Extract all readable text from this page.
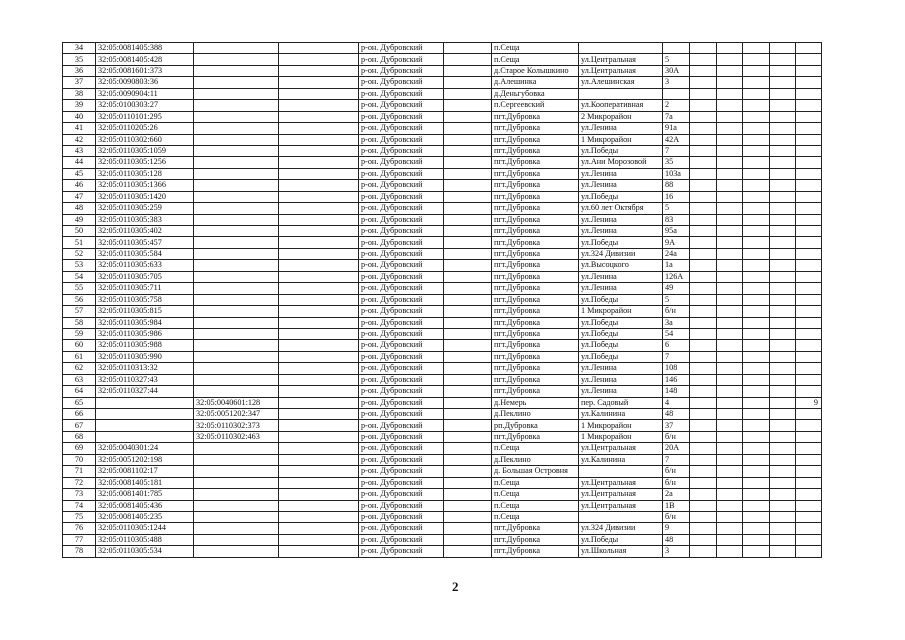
34	32:05:0081405:388			р-он. Дубровский		п.Сеща							
35	32:05:0081405:428			р-он. Дубровский		п.Сеща	ул.Центральная	5					
36	32:05:0081601:373			р-он. Дубровский		д.Старое Колышкино	ул.Центральная	30А					
37	32:05:0090803:36			р-он. Дубровский		д.Алешинка	ул.Алешинская	3					
38	32:05:0090904:11			р-он. Дубровский		д.Деньгубовка							
39	32:05:0100303:27			р-он. Дубровский		п.Сергеевский	ул.Кооперативная	2					
40	32:05:0110101:295			р-он. Дубровский		пгт.Дубровка	2 Микрорайон	7а					
41	32:05:0110205:26			р-он. Дубровский		пгт.Дубровка	ул.Ленина	91а					
42	32:05:0110302:660			р-он. Дубровский		пгт.Дубровка	1 Микрорайон	42А					
43	32:05:0110305:1059			р-он. Дубровский		пгт.Дубровка	ул.Победы	7					
44	32:05:0110305:1256			р-он. Дубровский		пгт.Дубровка	ул.Ани Морозовой	35					
45	32:05:0110305:128			р-он. Дубровский		пгт.Дубровка	ул.Ленина	103а					
46	32:05:0110305:1366			р-он. Дубровский		пгт.Дубровка	ул.Ленина	88					
47	32:05:0110305:1420			р-он. Дубровский		пгт.Дубровка	ул.Победы	16					
48	32:05:0110305:259			р-он. Дубровский		пгт.Дубровка	ул.60 лет Октября	5					
49	32:05:0110305:383			р-он. Дубровский		пгт.Дубровка	ул.Ленина	83					
50	32:05:0110305:402			р-он. Дубровский		пгт.Дубровка	ул.Ленина	95а					
51	32:05:0110305:457			р-он. Дубровский		пгт.Дубровка	ул.Победы	9А					
52	32:05:0110305:584			р-он. Дубровский		пгт.Дубровка	ул.324 Дивизии	24а					
53	32:05:0110305:633			р-он. Дубровский		пгт.Дубровка	ул.Высоцкого	1а					
54	32:05:0110305:705			р-он. Дубровский		пгт.Дубровка	ул.Ленина	126А					
55	32:05:0110305:711			р-он. Дубровский		пгт.Дубровка	ул.Ленина	49					
56	32:05:0110305:758			р-он. Дубровский		пгт.Дубровка	ул.Победы	5					
57	32:05:0110305:815			р-он. Дубровский		пгт.Дубровка	1 Микрорайон	б/н					
58	32:05:0110305:984			р-он. Дубровский		пгт.Дубровка	ул.Победы	3а					
59	32:05:0110305:986			р-он. Дубровский		пгт.Дубровка	ул.Победы	54					
60	32:05:0110305:988			р-он. Дубровский		пгт.Дубровка	ул.Победы	6					
61	32:05:0110305:990			р-он. Дубровский		пгт.Дубровка	ул.Победы	7					
62	32:05:0110313:32			р-он. Дубровский		пгт.Дубровка	ул.Ленина	108					
63	32:05:0110327:43			р-он. Дубровский		пгт.Дубровка	ул.Ленина	146					
64	32:05:0110327:44			р-он. Дубровский		пгт.Дубровка	ул.Ленина	148					
65		32:05:0040601:128		р-он. Дубровский		д.Немерь	пер. Садовый	4					9
66		32:05:0051202:347		р-он. Дубровский		д.Пеклино	ул.Калинина	48					
67		32:05:0110302:373		р-он. Дубровский		рп.Дубровка	1 Микрорайон	37					
68		32:05:0110302:463		р-он. Дубровский		пгт.Дубровка	1 Микрорайон	б/н					
69	32:05:0040301:24			р-он. Дубровский		п.Сеща	ул.Центральная	20А					
70	32:05:0051202:198			р-он. Дубровский		д.Пеклино	ул.Калинина	7					
71	32:05:0081102:17			р-он. Дубровский		д. Большая Островня		б/н					
72	32:05:0081405:181			р-он. Дубровский		п.Сеща	ул.Центральная	б/н					
73	32:05:0081401:785			р-он. Дубровский		п.Сеща	ул.Центральная	2а					
74	32:05:0081405:436			р-он. Дубровский		п.Сеща	ул.Центральная	1В					
75	32:05:0081405:235			р-он. Дубровский		п.Сеща		б/н					
76	32:05:0110305:1244			р-он. Дубровский		пгт.Дубровка	ул.324 Дивизии	9					
77	32:05:0110305:488			р-он. Дубровский		пгт.Дубровка	ул.Победы	48					
78	32:05:0110305:534			р-он. Дубровский		пгт.Дубровка	ул.Школьная	3					
2
